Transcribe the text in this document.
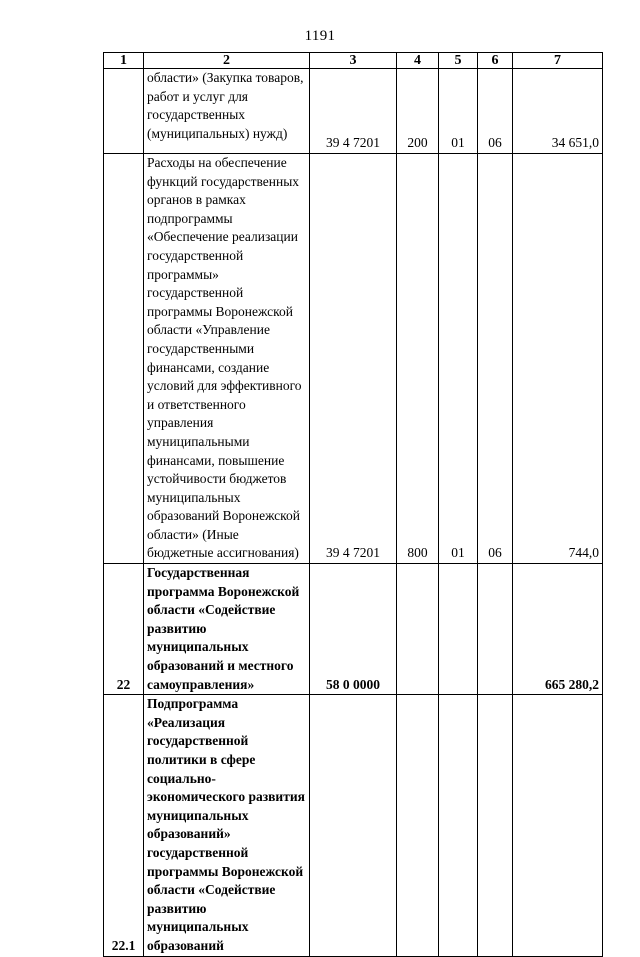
1191
1	2	3	4	5	6	7
	области» (Закупка товаров, работ и услуг для государственных (муниципальных) нужд)	39 4 7201	200	01	06	34 651,0
	Расходы на обеспечение функций государственных органов в рамках подпрограммы «Обеспечение реализации государственной программы» государственной программы Воронежской области «Управление государственными финансами, создание условий для эффективного и ответственного управления муниципальными финансами, повышение устойчивости бюджетов муниципальных образований Воронежской области» (Иные бюджетные ассигнования)	39 4 7201	800	01	06	744,0
22	Государственная программа Воронежской области «Содействие развитию муниципальных образований и местного самоуправления»	58 0 0000				665 280,2
22.1	Подпрограмма «Реализация государственной политики в сфере социально-экономического развития муниципальных образований» государственной программы Воронежской области «Содействие развитию муниципальных образований					
